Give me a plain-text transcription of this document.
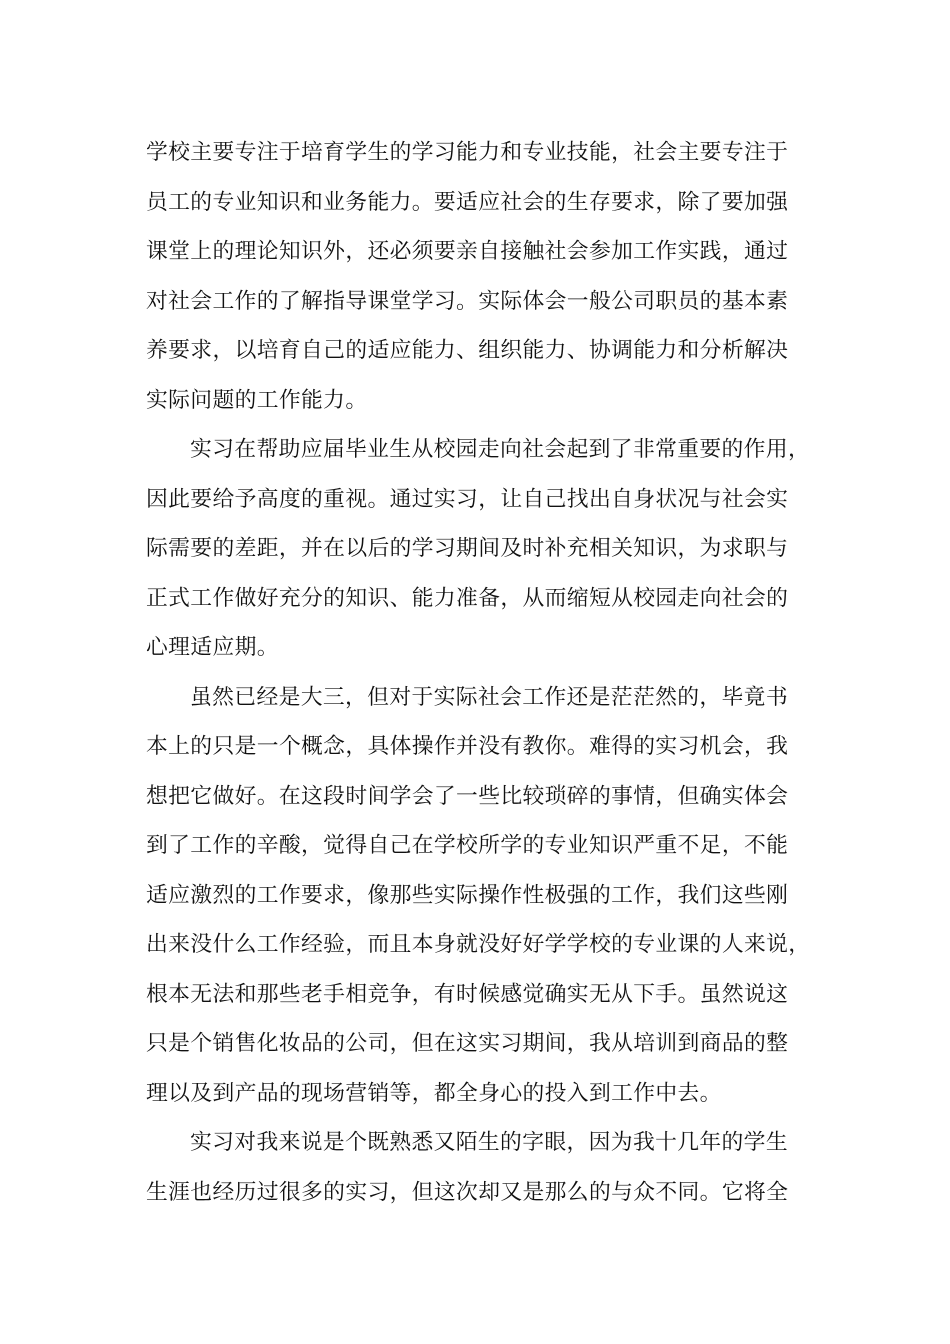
学校主要专注于培育学生的学习能力和专业技能，社会主要专注于
员工的专业知识和业务能力。要适应社会的生存要求，除了要加强
课堂上的理论知识外，还必须要亲自接触社会参加工作实践，通过
对社会工作的了解指导课堂学习。实际体会一般公司职员的基本素
养要求，以培育自己的适应能力、组织能力、协调能力和分析解决
实际问题的工作能力。
实习在帮助应届毕业生从校园走向社会起到了非常重要的作用，
因此要给予高度的重视。通过实习，让自己找出自身状况与社会实
际需要的差距，并在以后的学习期间及时补充相关知识，为求职与
正式工作做好充分的知识、能力准备，从而缩短从校园走向社会的
心理适应期。
虽然已经是大三，但对于实际社会工作还是茫茫然的，毕竟书
本上的只是一个概念，具体操作并没有教你。难得的实习机会，我
想把它做好。在这段时间学会了一些比较琐碎的事情，但确实体会
到了工作的辛酸，觉得自己在学校所学的专业知识严重不足，不能
适应激烈的工作要求，像那些实际操作性极强的工作，我们这些刚
出来没什么工作经验，而且本身就没好好学学校的专业课的人来说，
根本无法和那些老手相竞争，有时候感觉确实无从下手。虽然说这
只是个销售化妆品的公司，但在这实习期间，我从培训到商品的整
理以及到产品的现场营销等，都全身心的投入到工作中去。
实习对我来说是个既熟悉又陌生的字眼，因为我十几年的学生
生涯也经历过很多的实习，但这次却又是那么的与众不同。它将全
